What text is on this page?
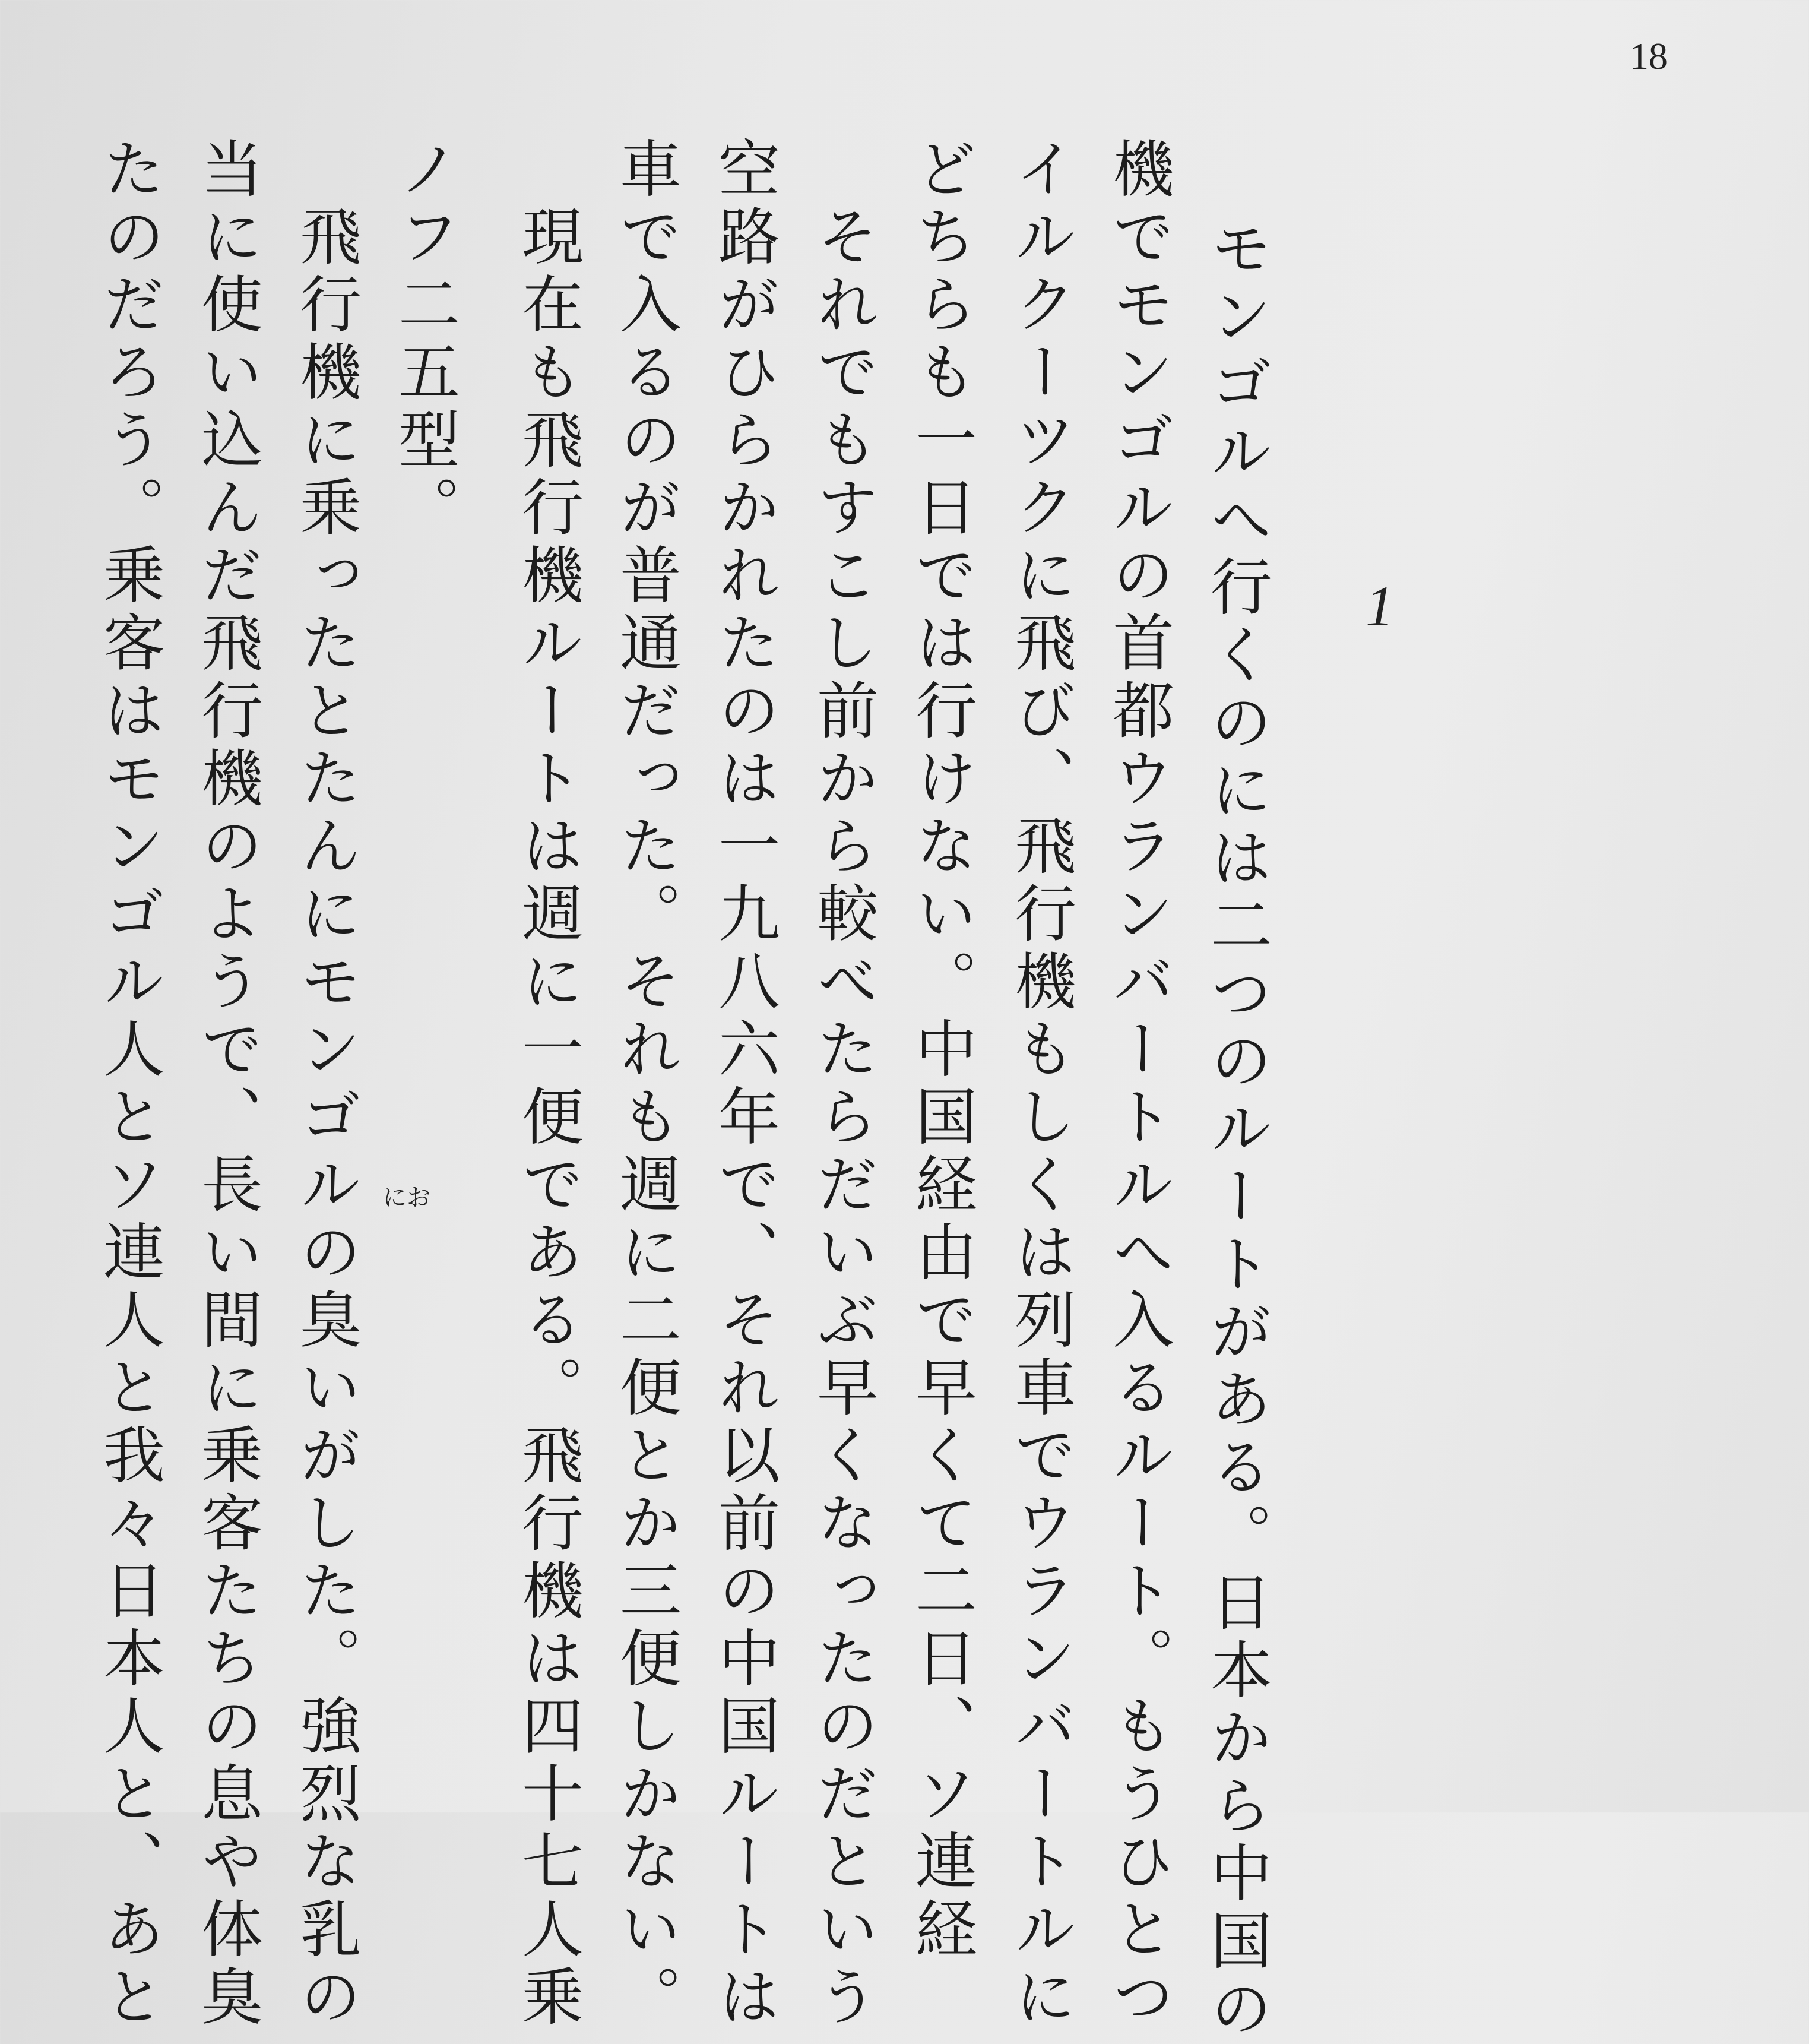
18
1
　モンゴルへ行くのには二つのルートがある。日本から中国の
機でモンゴルの首都ウランバートルへ入るルート。もうひとつ
イルクーツクに飛び、飛行機もしくは列車でウランバートルに
どちらも一日では行けない。中国経由で早くて二日、ソ連経
　それでもすこし前から較べたらだいぶ早くなったのだという
空路がひらかれたのは一九八六年で、それ以前の中国ルートは
車で入るのが普通だった。それも週に二便とか三便しかない。
　現在も飛行機ルートは週に一便である。飛行機は四十七人乗
ノフ二五型。
　飛行機に乗ったとたんにモンゴルの臭いがした。強烈な乳の
当に使い込んだ飛行機のようで、長い間に乗客たちの息や体臭
たのだろう。乗客はモンゴル人とソ連人と我々日本人と、あと	にお
